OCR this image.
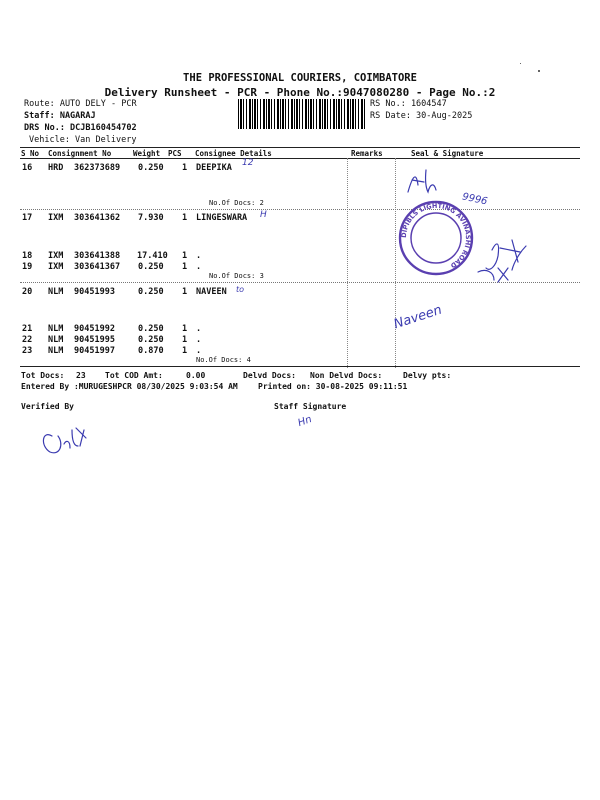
THE PROFESSIONAL COURIERS, COIMBATORE
Delivery Runsheet - PCR - Phone No.:9047080280 - Page No.:2
Route: AUTO DELY - PCR
Staff: NAGARAJ
DRS No.: DCJB160454702
Vehicle: Van Delivery
RS No.: 1604547
RS Date: 30-Aug-2025
S No Consignment No	Weight PCS Consignee Details	Remarks	Seal & Signature
16 HRD 362373689 0.250 1 DEEPIKA
No.Of Docs: 2
17 IXM 303641362 7.930 1 LINGESWARA
18 IXM 303641388 17.410 1 .
19 IXM 303641367 0.250 1 .
No.Of Docs: 3
20 NLM 90451993	0.250 1 NAVEEN
21 NLM 90451992	0.250 1 .
22 NLM 90451995	0.250 1 .
23 NLM 90451997	0.870 1 .
No.Of Docs: 4
Tot Docs: 23 Tot COD Amt:	0.00	Delvd Docs: Non Delvd Docs:	Delvy pts:
Entered By :MURUGESHPCR 08/30/2025 9:03:54 AM	Printed on: 30-08-2025 09:11:51
Verified By	Staff Signature
DIPIBLS LIGHTING AVINASHI ROAD
12
H
to
Naveen
9996
Hn
